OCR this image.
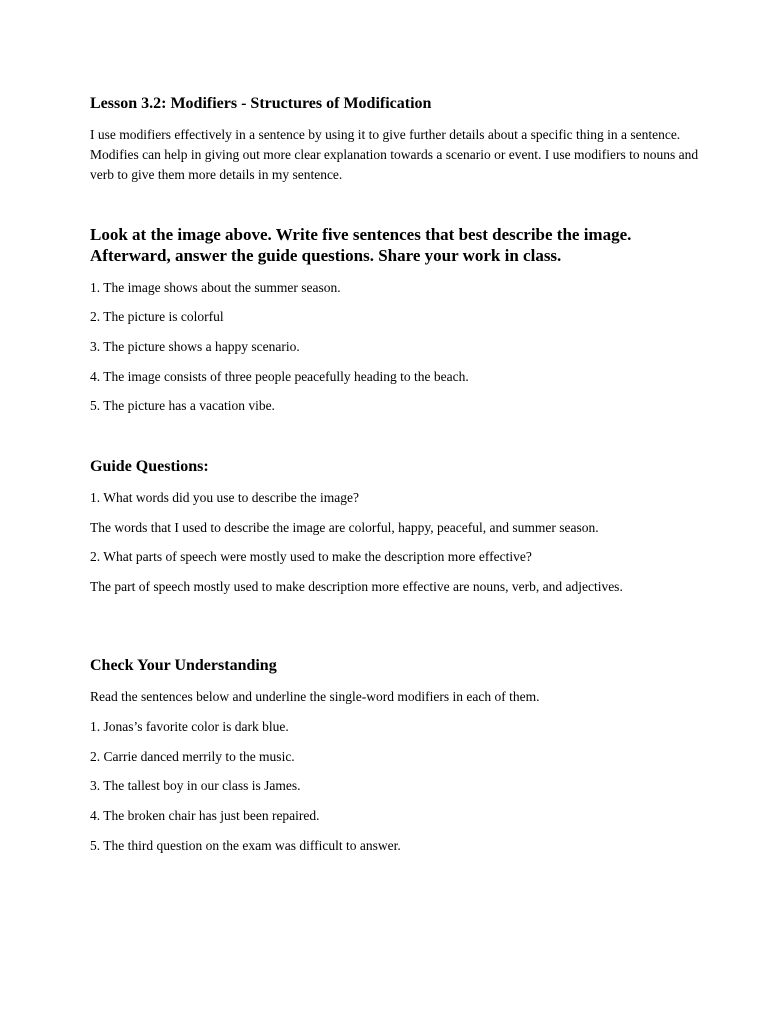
Lesson 3.2: Modifiers - Structures of Modification
I use modifiers effectively in a sentence by using it to give further details about a specific thing in a sentence. Modifies can help in giving out more clear explanation towards a scenario or event. I use modifiers to nouns and verb to give them more details in my sentence.
Look at the image above. Write five sentences that best describe the image. Afterward, answer the guide questions. Share your work in class.
1. The image shows about the summer season.
2. The picture is colorful
3. The picture shows a happy scenario.
4. The image consists of three people peacefully heading to the beach.
5. The picture has a vacation vibe.
Guide Questions:
1. What words did you use to describe the image?
The words that I used to describe the image are colorful, happy, peaceful, and summer season.
2. What parts of speech were mostly used to make the description more effective?
The part of speech mostly used to make description more effective are nouns, verb, and adjectives.
Check Your Understanding
Read the sentences below and underline the single-word modifiers in each of them.
1. Jonas’s favorite color is dark blue.
2. Carrie danced merrily to the music.
3. The tallest boy in our class is James.
4. The broken chair has just been repaired.
5. The third question on the exam was difficult to answer.
